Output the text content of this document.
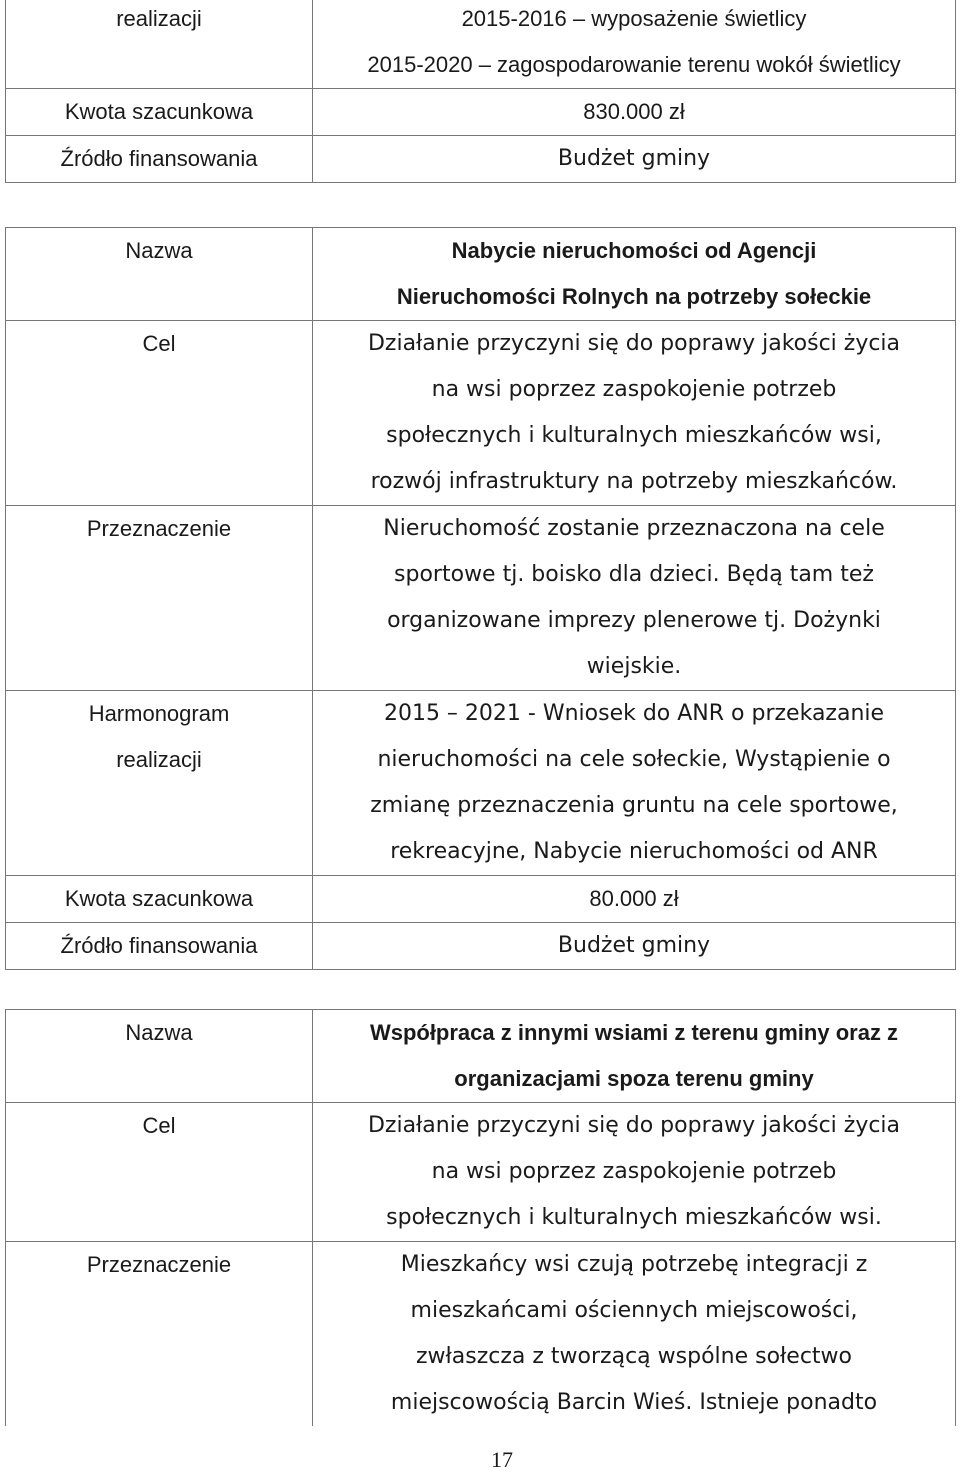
realizacji	2015-2016 – wyposażenie świetlicy
2015-2020 – zagospodarowanie terenu wokół świetlicy

Kwota szacunkowa	830.000 zł
Źródło finansowania	Budżet gminy
Nazwa	Nabycie nieruchomości od Agencji
Nieruchomości Rolnych na potrzeby sołeckie

Cel	Działanie przyczyni się do poprawy jakości życia
na wsi poprzez zaspokojenie potrzeb
społecznych i kulturalnych mieszkańców wsi,
rozwój infrastruktury na potrzeby mieszkańców.

Przeznaczenie	Nieruchomość zostanie przeznaczona na cele
sportowe tj. boisko dla dzieci. Będą tam też
organizowane imprezy plenerowe tj. Dożynki
wiejskie.

Harmonogram
realizacji	2015 – 2021 - Wniosek do ANR o przekazanie
nieruchomości na cele sołeckie, Wystąpienie o
zmianę przeznaczenia gruntu na cele sportowe,
rekreacyjne, Nabycie nieruchomości od ANR

Kwota szacunkowa	80.000 zł
Źródło finansowania	Budżet gminy
Nazwa	Współpraca z innymi wsiami z terenu gminy oraz z
organizacjami spoza terenu gminy

Cel	Działanie przyczyni się do poprawy jakości życia
na wsi poprzez zaspokojenie potrzeb
społecznych i kulturalnych mieszkańców wsi.

Przeznaczenie	Mieszkańcy wsi czują potrzebę integracji z
mieszkańcami ościennych miejscowości,
zwłaszcza z tworzącą wspólne sołectwo
miejscowością Barcin Wieś. Istnieje ponadto
17
